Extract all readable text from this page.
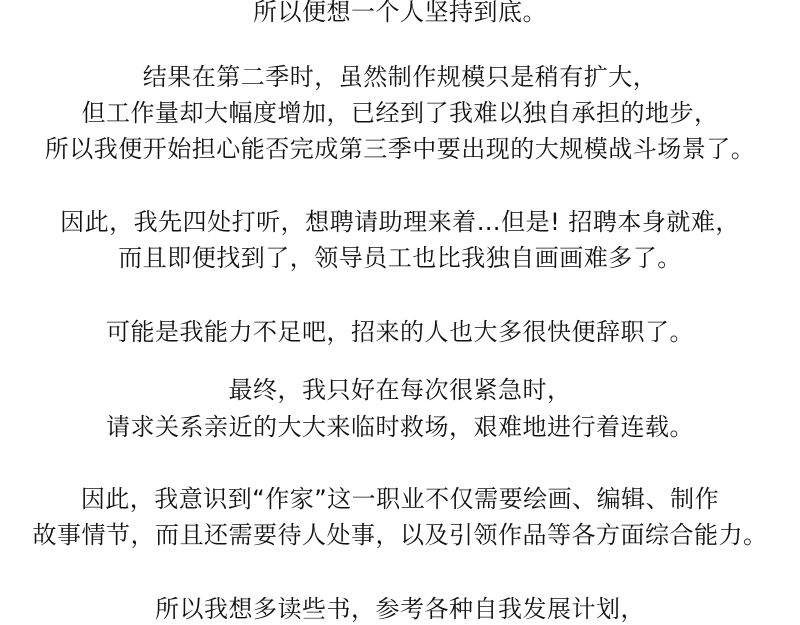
所以便想一个人坚持到底。
结果在第二季时，虽然制作规模只是稍有扩大，
但工作量却大幅度增加，已经到了我难以独自承担的地步，
所以我便开始担心能否完成第三季中要出现的大规模战斗场景了。
因此，我先四处打听，想聘请助理来着…但是! 招聘本身就难，
而且即便找到了，领导员工也比我独自画画难多了。
可能是我能力不足吧，招来的人也大多很快便辞职了。
最终，我只好在每次很紧急时，
请求关系亲近的大大来临时救场，艰难地进行着连载。
因此，我意识到“作家”这一职业不仅需要绘画、编辑、制作
故事情节，而且还需要待人处事，以及引领作品等各方面综合能力。
所以我想多读些书，参考各种自我发展计划，
